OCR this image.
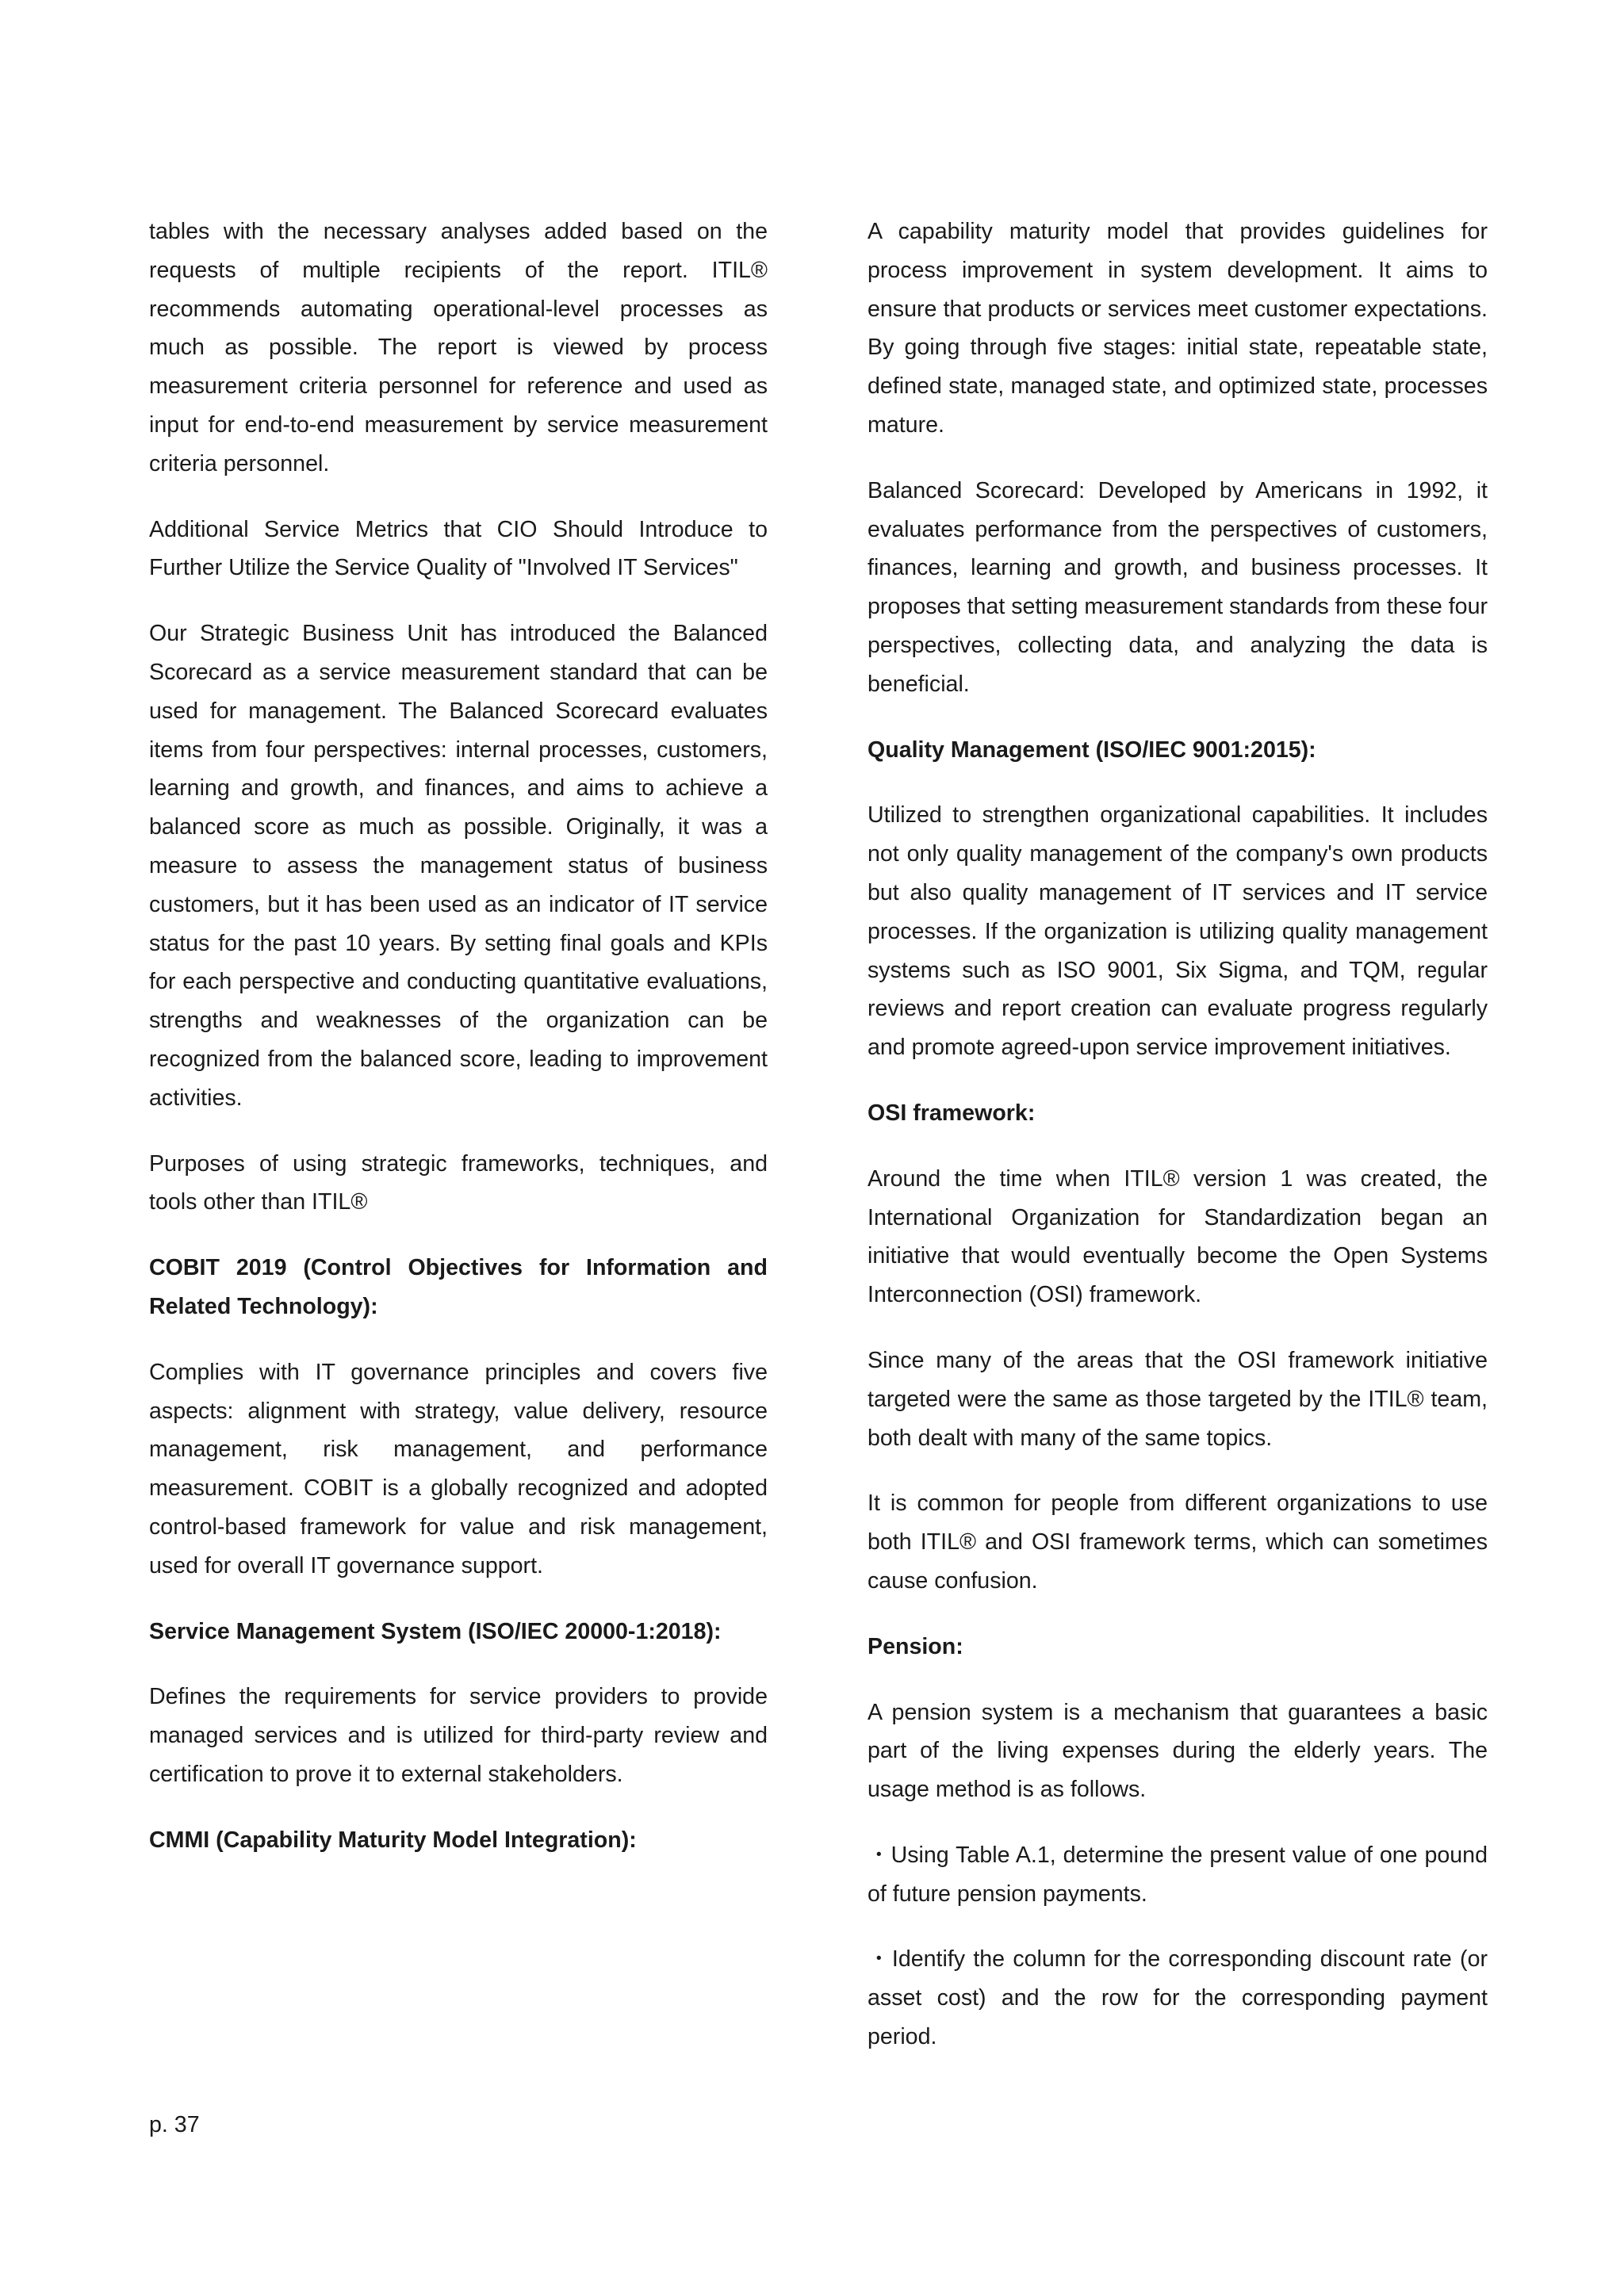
tables with the necessary analyses added based on the requests of multiple recipients of the report. ITIL® recommends automating operational-level processes as much as possible. The report is viewed by process measurement criteria personnel for reference and used as input for end-to-end measurement by service measurement criteria personnel.

Additional Service Metrics that CIO Should Introduce to Further Utilize the Service Quality of "Involved IT Services"

Our Strategic Business Unit has introduced the Balanced Scorecard as a service measurement standard that can be used for management. The Balanced Scorecard evaluates items from four perspectives: internal processes, customers, learning and growth, and finances, and aims to achieve a balanced score as much as possible. Originally, it was a measure to assess the management status of business customers, but it has been used as an indicator of IT service status for the past 10 years. By setting final goals and KPIs for each perspective and conducting quantitative evaluations, strengths and weaknesses of the organization can be recognized from the balanced score, leading to improvement activities.

Purposes of using strategic frameworks, techniques, and tools other than ITIL®

COBIT 2019 (Control Objectives for Information and Related Technology):

Complies with IT governance principles and covers five aspects: alignment with strategy, value delivery, resource management, risk management, and performance measurement. COBIT is a globally recognized and adopted control-based framework for value and risk management, used for overall IT governance support.

Service Management System (ISO/IEC 20000-1:2018):

Defines the requirements for service providers to provide managed services and is utilized for third-party review and certification to prove it to external stakeholders.

CMMI (Capability Maturity Model Integration):

A capability maturity model that provides guidelines for process improvement in system development. It aims to ensure that products or services meet customer expectations. By going through five stages: initial state, repeatable state, defined state, managed state, and optimized state, processes mature.

Balanced Scorecard: Developed by Americans in 1992, it evaluates performance from the perspectives of customers, finances, learning and growth, and business processes. It proposes that setting measurement standards from these four perspectives, collecting data, and analyzing the data is beneficial.

Quality Management (ISO/IEC 9001:2015):

Utilized to strengthen organizational capabilities. It includes not only quality management of the company's own products but also quality management of IT services and IT service processes. If the organization is utilizing quality management systems such as ISO 9001, Six Sigma, and TQM, regular reviews and report creation can evaluate progress regularly and promote agreed-upon service improvement initiatives.

OSI framework:

Around the time when ITIL® version 1 was created, the International Organization for Standardization began an initiative that would eventually become the Open Systems Interconnection (OSI) framework.

Since many of the areas that the OSI framework initiative targeted were the same as those targeted by the ITIL® team, both dealt with many of the same topics.

It is common for people from different organizations to use both ITIL® and OSI framework terms, which can sometimes cause confusion.

Pension:

A pension system is a mechanism that guarantees a basic part of the living expenses during the elderly years. The usage method is as follows.

・Using Table A.1, determine the present value of one pound of future pension payments.

・Identify the column for the corresponding discount rate (or asset cost) and the row for the corresponding payment period.

p. 37
